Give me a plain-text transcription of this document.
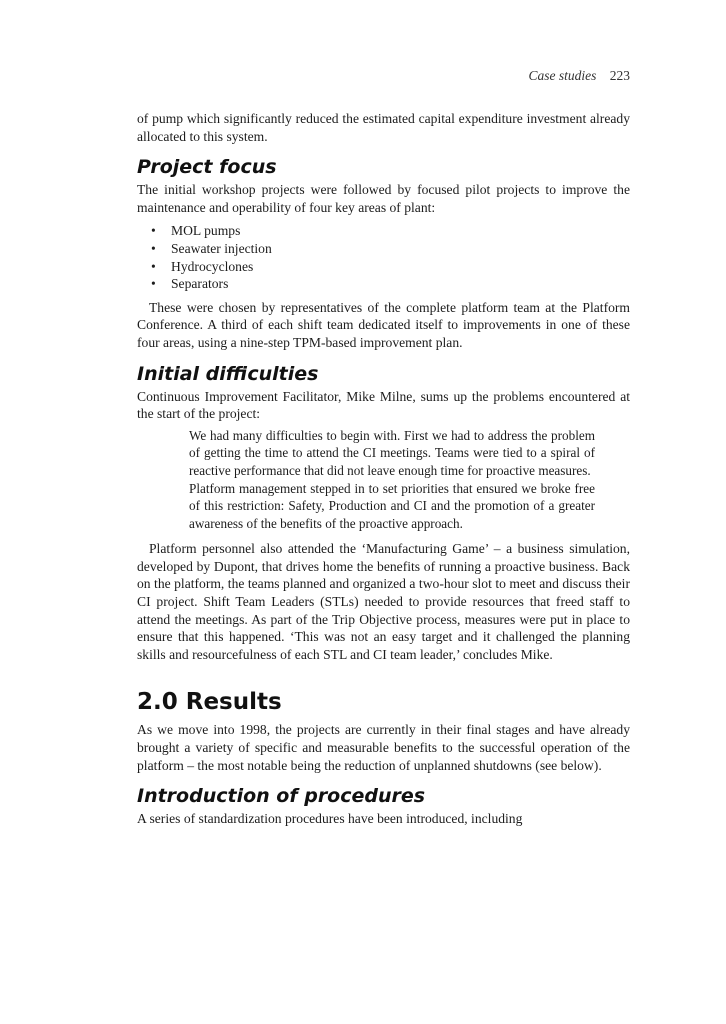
Case studies 223

of pump which significantly reduced the estimated capital expenditure investment already allocated to this system.

Project focus

The initial workshop projects were followed by focused pilot projects to improve the maintenance and operability of four key areas of plant:

• MOL pumps
• Seawater injection
• Hydrocyclones
• Separators

These were chosen by representatives of the complete platform team at the Platform Conference. A third of each shift team dedicated itself to improvements in one of these four areas, using a nine-step TPM-based improvement plan.

Initial difficulties

Continuous Improvement Facilitator, Mike Milne, sums up the problems encountered at the start of the project:

We had many difficulties to begin with. First we had to address the problem of getting the time to attend the CI meetings. Teams were tied to a spiral of reactive performance that did not leave enough time for proactive measures.

Platform management stepped in to set priorities that ensured we broke free of this restriction: Safety, Production and CI and the promotion of a greater awareness of the benefits of the proactive approach.

Platform personnel also attended the ‘Manufacturing Game’ – a business simulation, developed by Dupont, that drives home the benefits of running a proactive business. Back on the platform, the teams planned and organized a two-hour slot to meet and discuss their CI project. Shift Team Leaders (STLs) needed to provide resources that freed staff to attend the meetings. As part of the Trip Objective process, measures were put in place to ensure that this happened. ‘This was not an easy target and it challenged the planning skills and resourcefulness of each STL and CI team leader,’ concludes Mike.

2.0 Results

As we move into 1998, the projects are currently in their final stages and have already brought a variety of specific and measurable benefits to the successful operation of the platform – the most notable being the reduction of unplanned shutdowns (see below).

Introduction of procedures

A series of standardization procedures have been introduced, including
